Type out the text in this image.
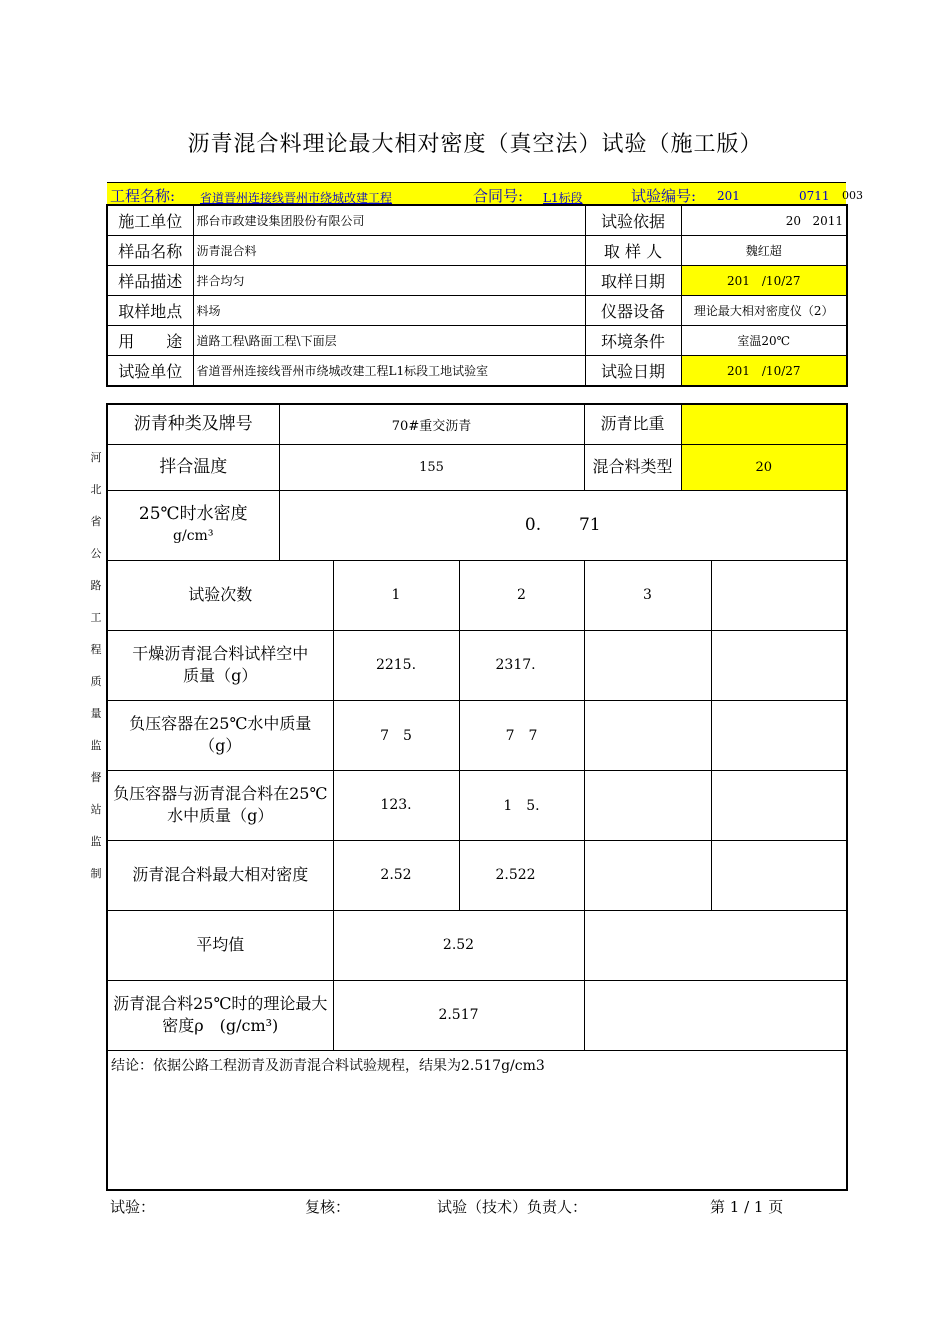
沥青混合料理论最大相对密度（真空法）试验（施工版）
工程名称: 省道晋州连接线晋州市绕城改建工程	合同号: L1标段	试验编号: 201	0711 003
施工单位	邢台市政建设集团股份有限公司	试验依据	20 2011
样品名称	沥青混合料	取 样 人	魏红超
样品描述	拌合均匀	取样日期	201　/10/27
取样地点	料场	仪器设备	理论最大相对密度仪（2）
用　　途	道路工程\路面工程\下面层	环境条件	室温20℃
试验单位	省道晋州连接线晋州市绕城改建工程L1标段工地试验室	试验日期	201　/10/27
河
北
省
公
路
工
程
质
量
监
督
站
监
制
沥青种类及牌号	70#重交沥青			沥青比重		
拌合温度	155			混合料类型	20	

25℃时水密度
g/cm³	0. 71					
试验次数		1	2	3		
干燥沥青混合料试样空中质量（g）		2215.	2317.			
负压容器在25℃水中质量（g）		7　5	7　7			
负压容器与沥青混合料在25℃水中质量（g）		123.	1　5.			
沥青混合料最大相对密度		2.52	2.522			
平均值		2.52				
沥青混合料25℃时的理论最大密度ρ　(g/cm³)		2.517				
结论：依据公路工程沥青及沥青混合料试验规程，结果为2.517g/cm3						
试验：	复核：	试验（技术）负责人：	第 1 / 1 页
